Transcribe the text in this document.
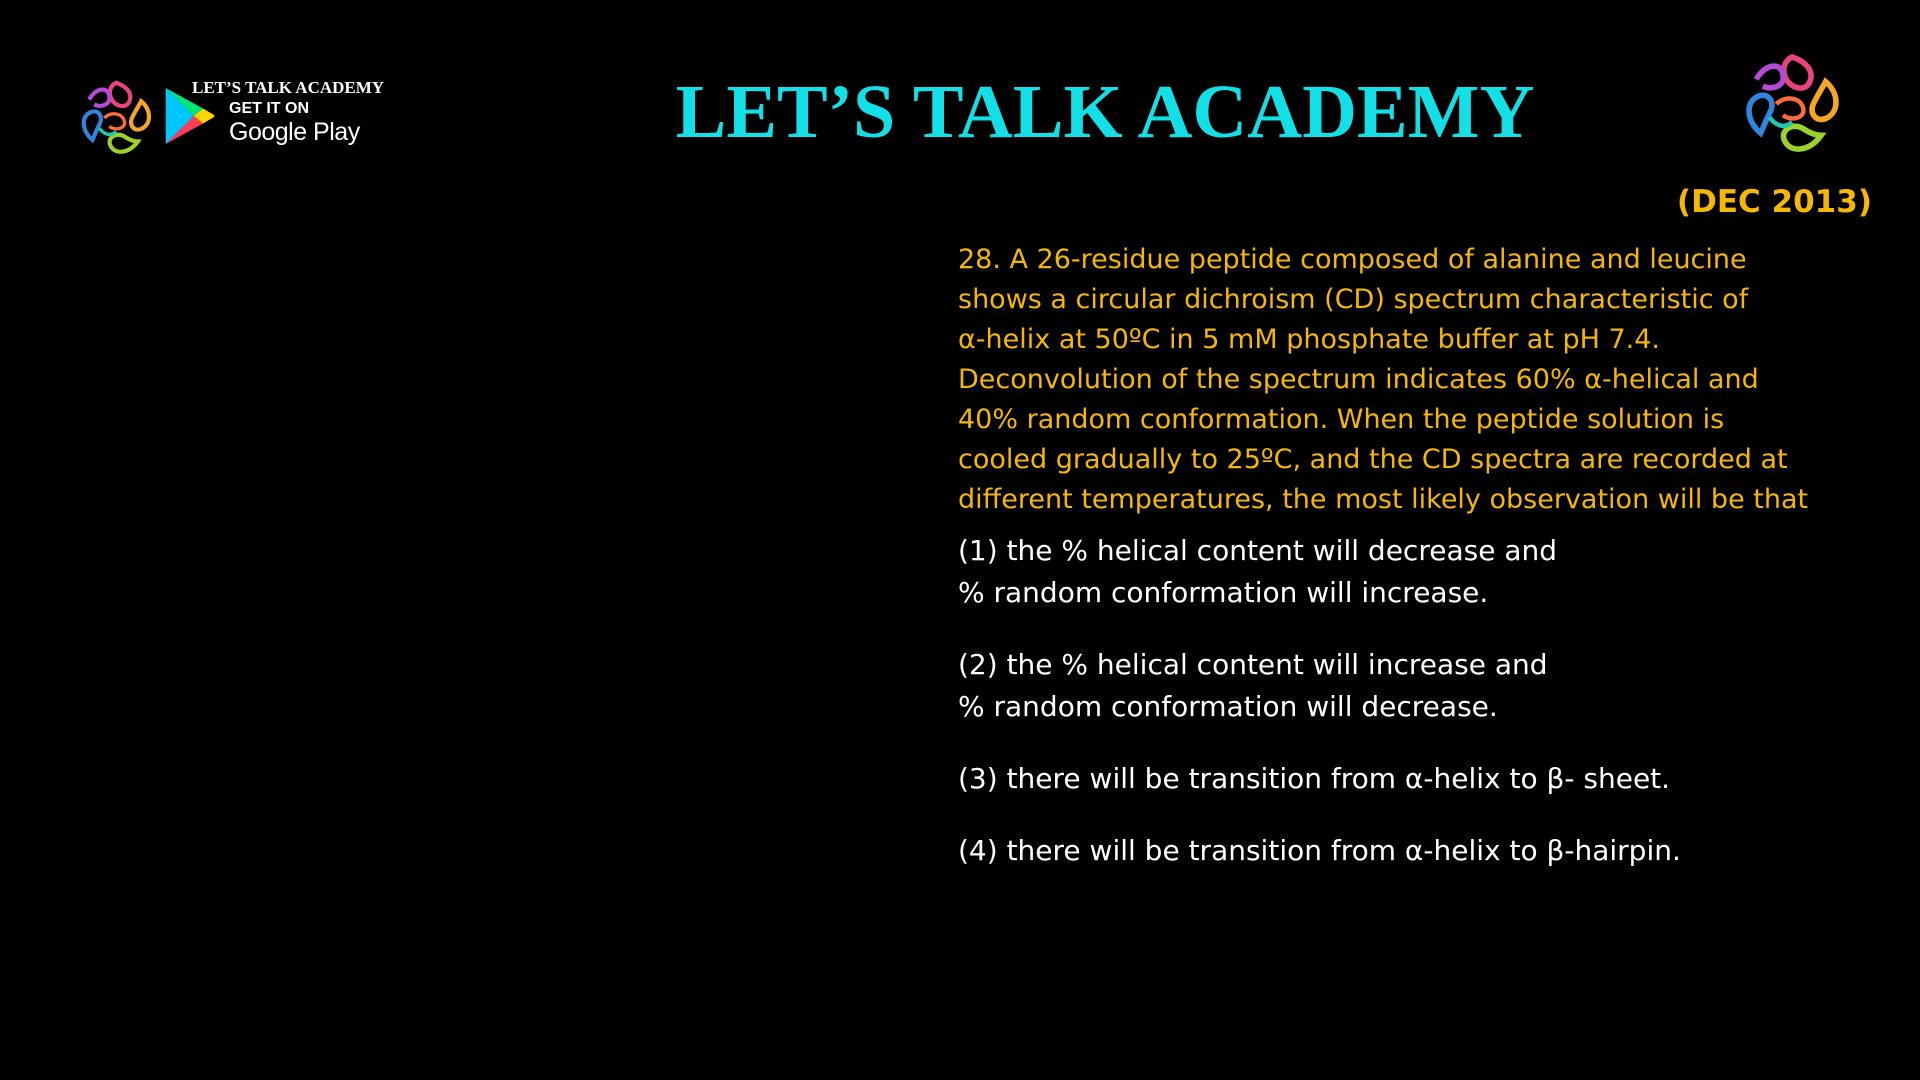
LET’S TALK ACADEMY
GET IT ON
Google Play	LET’S TALK ACADEMY
(DEC 2013)

28. A 26-residue peptide composed of alanine and leucine
shows a circular dichroism (CD) spectrum characteristic of
α-helix at 50ºC in 5 mM phosphate buffer at pH 7.4.
Deconvolution of the spectrum indicates 60% α-helical and
40% random conformation. When the peptide solution is
cooled gradually to 25ºC, and the CD spectra are recorded at
different temperatures, the most likely observation will be that

(1) the % helical content will decrease and
% random conformation will increase.
(2) the % helical content will increase and
% random conformation will decrease.
(3) there will be transition from α-helix to β- sheet.
(4) there will be transition from α-helix to β-hairpin.
